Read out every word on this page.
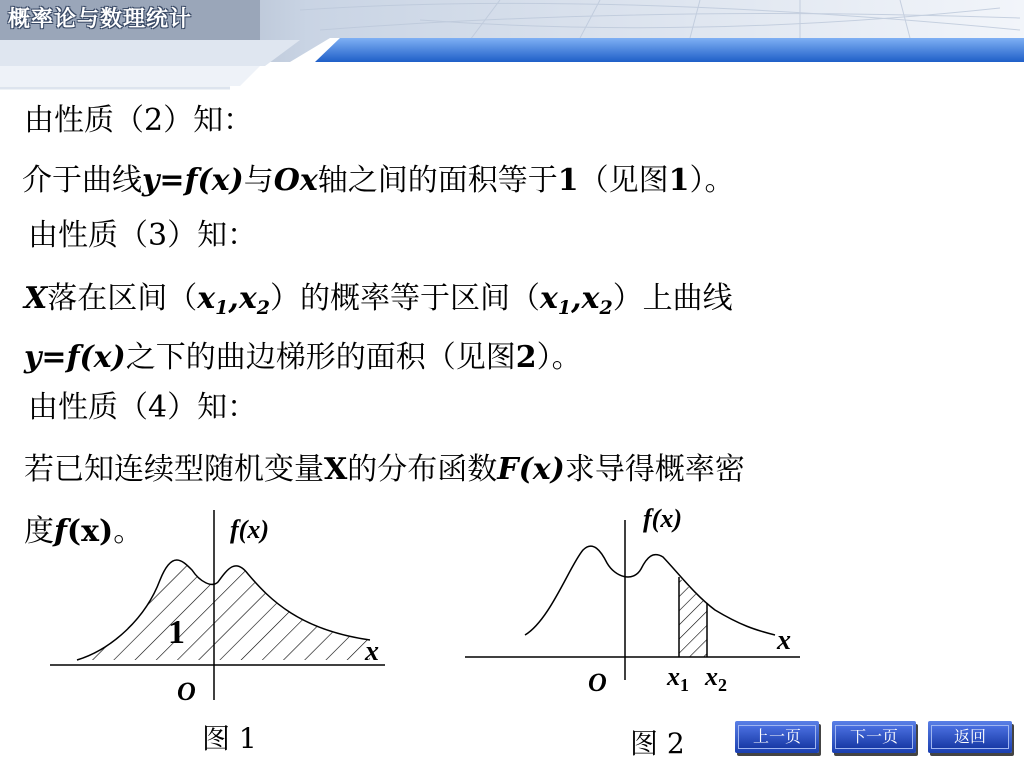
概率论与数理统计
由性质（2）知：
介于曲线y=f(x)与Ox轴之间的面积等于1（见图1）。
由性质（3）知：
X落在区间$(x_1,x_2)$的概率等于区间$(x_1,x_2)$上曲线
y=f(x)之下的曲边梯形的面积（见图2）。
由性质（4）知：
若已知连续型随机变量X的分布函数F(x)求导得概率密
度f(x)。	f(x)
x
O
1
图 1
f(x)
x
O $x_1$ $x_2$
图 2	上一页	下一页	返回
